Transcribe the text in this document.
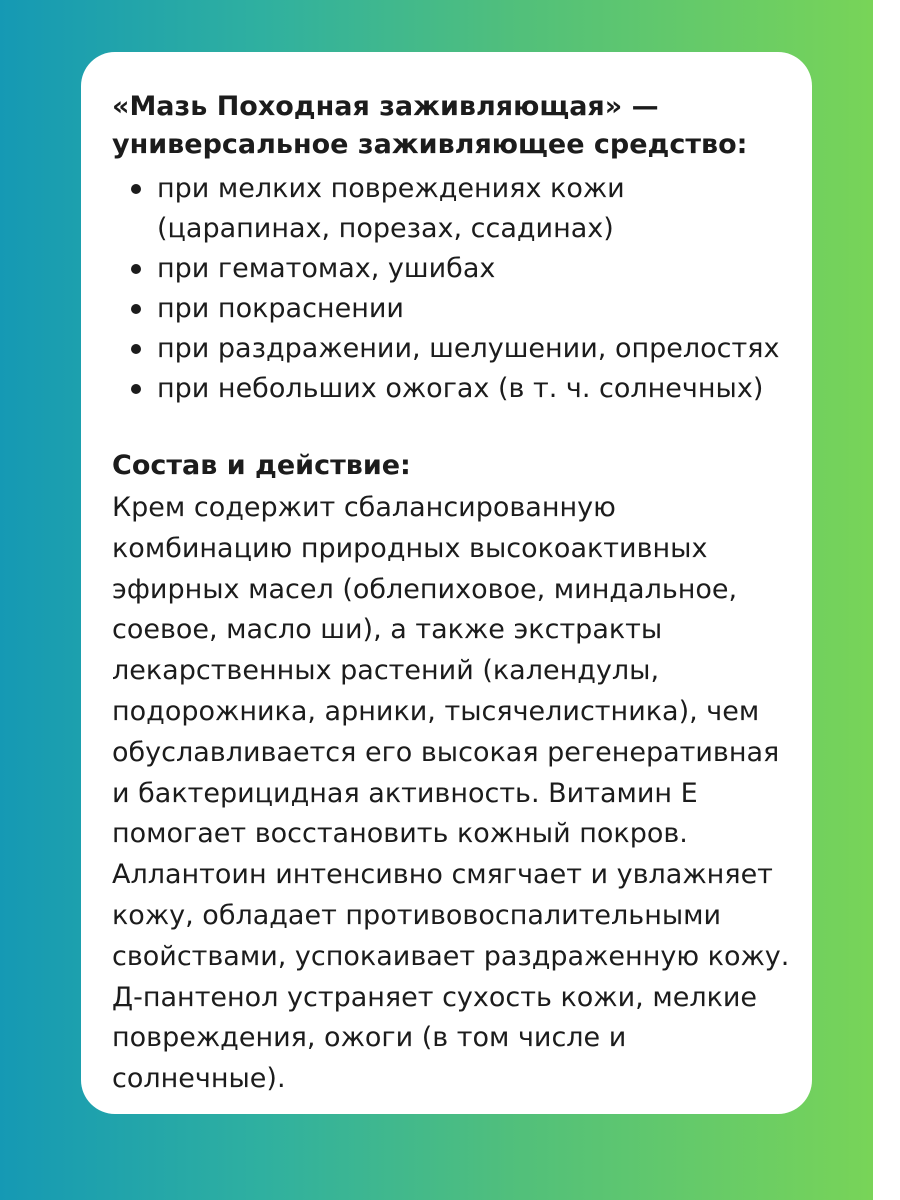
«Мазь Походная заживляющая» — универсальное заживляющее средство:

при мелких повреждениях кожи (царапинах, порезах, ссадинах)
при гематомах, ушибах
при покраснении
при раздражении, шелушении, опрелостях
при небольших ожогах (в т. ч. солнечных)

Состав и действие:

Крем содержит сбалансированную комбинацию природных высокоактивных эфирных масел (облепиховое, миндальное, соевое, масло ши), а также экстракты лекарственных растений (календулы, подорожника, арники, тысячелистника), чем обуславливается его высокая регенеративная и бактерицидная активность. Витамин Е помогает восстановить кожный покров. Аллантоин интенсивно смягчает и увлажняет кожу, обладает противовоспалительными свойствами, успокаивает раздраженную кожу. Д-пантенол устраняет сухость кожи, мелкие повреждения, ожоги (в том числе и солнечные).
